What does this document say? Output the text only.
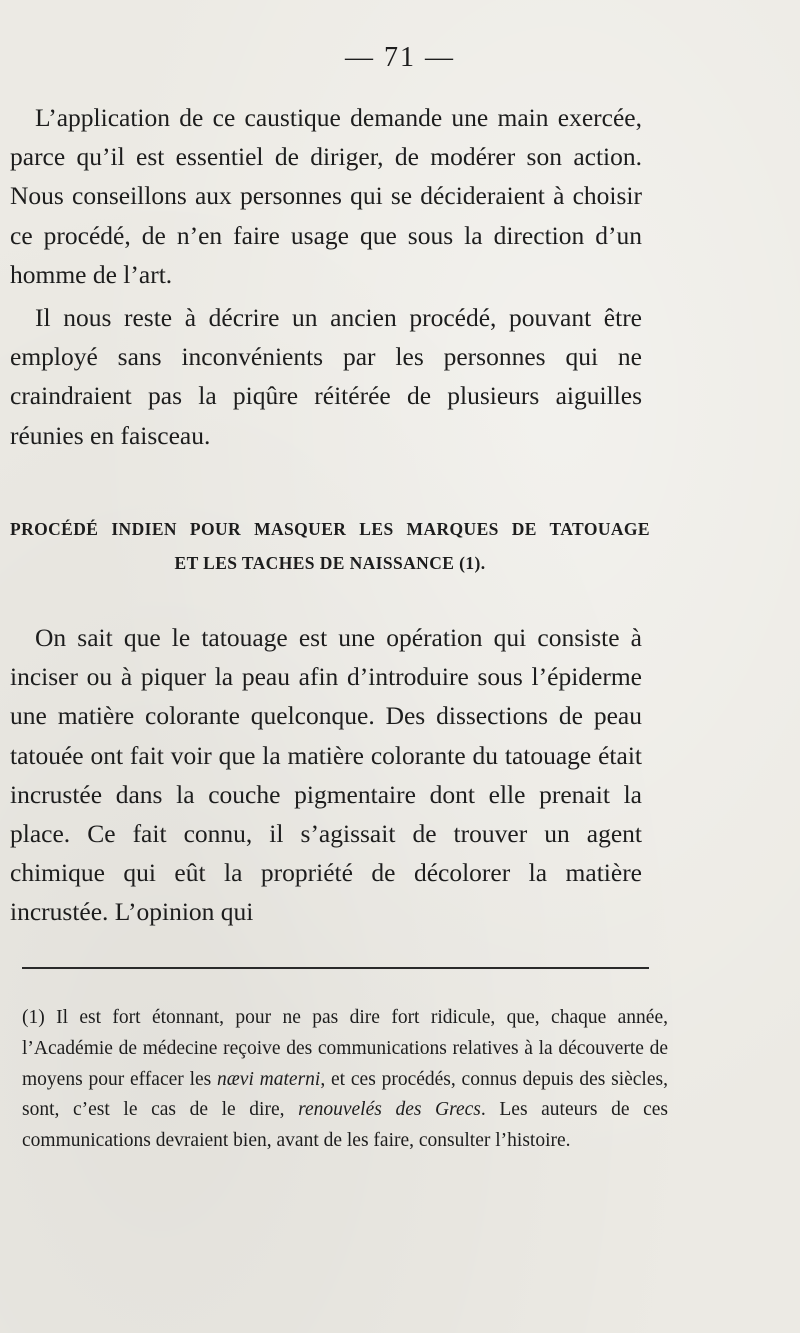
— 71 —

L’application de ce caustique demande une main exercée, parce qu’il est essentiel de diriger, de modérer son action. Nous conseillons aux personnes qui se décideraient à choisir ce procédé, de n’en faire usage que sous la direction d’un homme de l’art.

Il nous reste à décrire un ancien procédé, pouvant être employé sans inconvénients par les personnes qui ne craindraient pas la piqûre réitérée de plusieurs aiguilles réunies en faisceau.

PROCÉDÉ INDIEN POUR MASQUER LES MARQUES DE TATOUAGE
ET LES TACHES DE NAISSANCE (1).

On sait que le tatouage est une opération qui consiste à inciser ou à piquer la peau afin d’introduire sous l’épiderme une matière colorante quelconque. Des dissections de peau tatouée ont fait voir que la matière colorante du tatouage était incrustée dans la couche pigmentaire dont elle prenait la place. Ce fait connu, il s’agissait de trouver un agent chimique qui eût la propriété de décolorer la matière incrustée. L’opinion qui

(1) Il est fort étonnant, pour ne pas dire fort ridicule, que, chaque année, l’Académie de médecine reçoive des communications relatives à la découverte de moyens pour effacer les nævi materni, et ces procédés, connus depuis des siècles, sont, c’est le cas de le dire, renouvelés des Grecs. Les auteurs de ces communications devraient bien, avant de les faire, consulter l’histoire.
